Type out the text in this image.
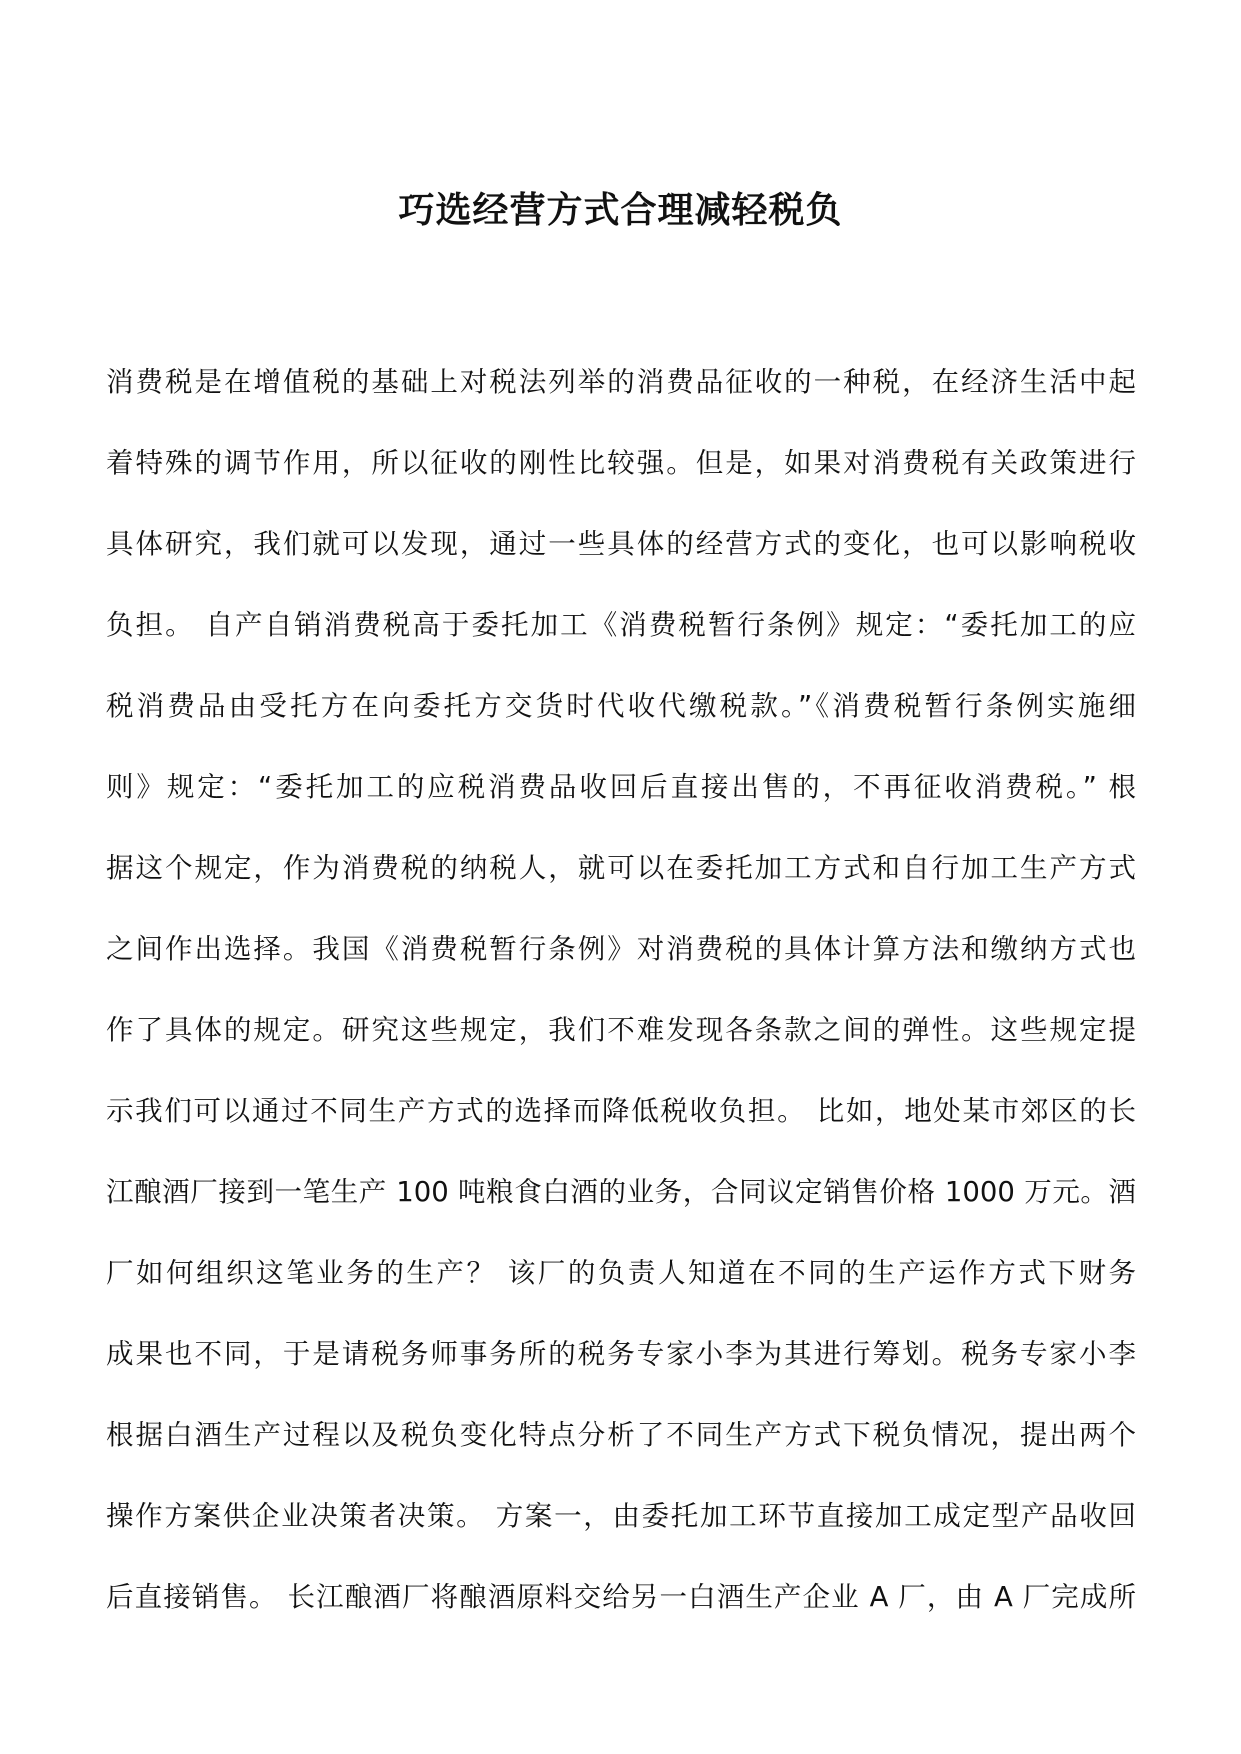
巧选经营方式合理减轻税负
消费税是在增值税的基础上对税法列举的消费品征收的一种税，在经济生活中起
着特殊的调节作用，所以征收的刚性比较强。但是，如果对消费税有关政策进行
具体研究，我们就可以发现，通过一些具体的经营方式的变化，也可以影响税收
负担。 自产自销消费税高于委托加工《消费税暂行条例》规定：“委托加工的应
税消费品由受托方在向委托方交货时代收代缴税款。”《消费税暂行条例实施细
则》规定：“委托加工的应税消费品收回后直接出售的，不再征收消费税。” 根
据这个规定，作为消费税的纳税人，就可以在委托加工方式和自行加工生产方式
之间作出选择。我国《消费税暂行条例》对消费税的具体计算方法和缴纳方式也
作了具体的规定。研究这些规定，我们不难发现各条款之间的弹性。这些规定提
示我们可以通过不同生产方式的选择而降低税收负担。 比如，地处某市郊区的长
江酿酒厂接到一笔生产 100 吨粮食白酒的业务，合同议定销售价格 1000 万元。酒
厂如何组织这笔业务的生产？ 该厂的负责人知道在不同的生产运作方式下财务
成果也不同，于是请税务师事务所的税务专家小李为其进行筹划。税务专家小李
根据白酒生产过程以及税负变化特点分析了不同生产方式下税负情况，提出两个
操作方案供企业决策者决策。 方案一，由委托加工环节直接加工成定型产品收回
后直接销售。 长江酿酒厂将酿酒原料交给另一白酒生产企业 A 厂，由 A 厂完成所
